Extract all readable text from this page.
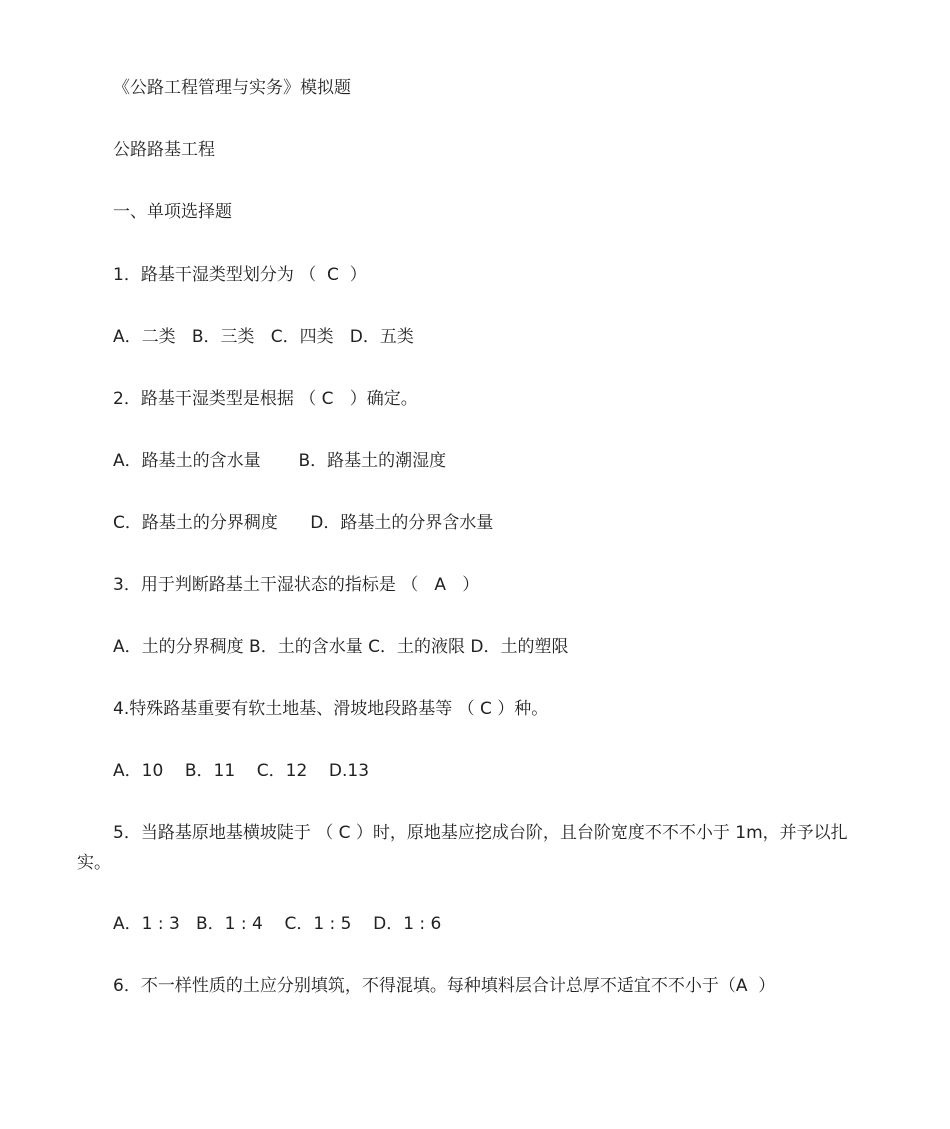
《公路工程管理与实务》模拟题
公路路基工程
一、单项选择题
1．路基干湿类型划分为 （  C  ）
A．二类   B．三类   C．四类   D．五类
2．路基干湿类型是根据 （ C   ）确定。
A．路基土的含水量       B．路基土的潮湿度
C．路基土的分界稠度      D．路基土的分界含水量
3．用于判断路基土干湿状态的指标是 （   A   ）
A．土的分界稠度 B．土的含水量 C．土的液限 D．土的塑限
4.特殊路基重要有软土地基、滑坡地段路基等 （ C ）种。
A．10    B．11    C．12    D.13
5．当路基原地基横坡陡于 （ C ）时，原地基应挖成台阶，且台阶宽度不不不小于 1m，并予以扎实。
A．1 : 3   B．1 : 4    C．1 : 5    D．1 : 6
6．不一样性质的土应分别填筑，不得混填。每种填料层合计总厚不适宜不不小于（A  ）
